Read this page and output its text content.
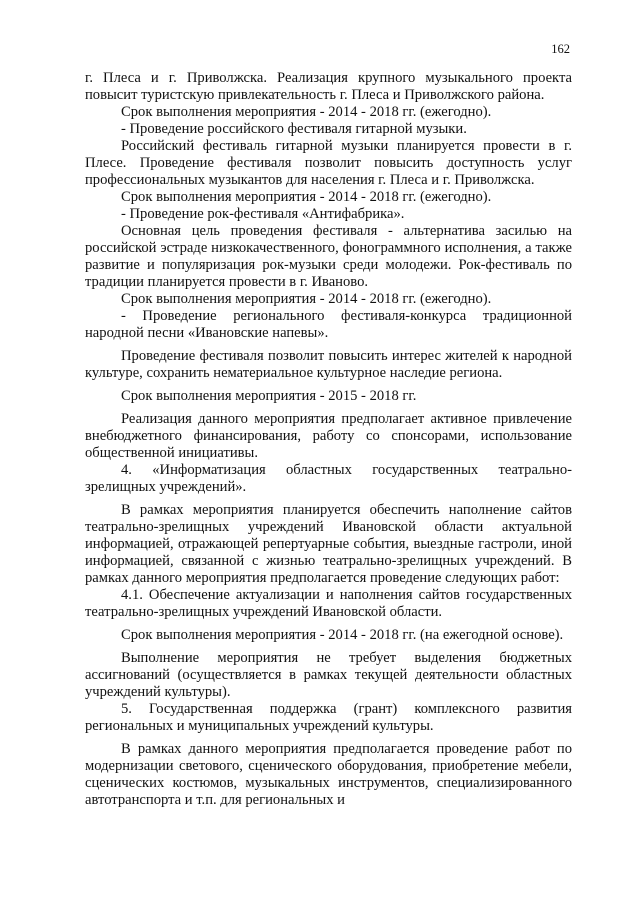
162

г. Плеса и г. Приволжска. Реализация крупного музыкального проекта повысит туристскую привлекательность г. Плеса и Приволжского района.

Срок выполнения мероприятия - 2014 - 2018 гг. (ежегодно).

- Проведение российского фестиваля гитарной музыки.

Российский фестиваль гитарной музыки планируется провести в г. Плесе. Проведение фестиваля позволит повысить доступность услуг профессиональных музыкантов для населения г. Плеса и г. Приволжска.

Срок выполнения мероприятия - 2014 - 2018 гг. (ежегодно).

- Проведение рок-фестиваля «Антифабрика».

Основная цель проведения фестиваля - альтернатива засилью на российской эстраде низкокачественного, фонограммного исполнения, а также развитие и популяризация рок-музыки среди молодежи. Рок-фестиваль по традиции планируется провести в г. Иваново.

Срок выполнения мероприятия - 2014 - 2018 гг. (ежегодно).

- Проведение регионального фестиваля-конкурса традиционной народной песни «Ивановские напевы».

Проведение фестиваля позволит повысить интерес жителей к народной культуре, сохранить нематериальное культурное наследие региона.

Срок выполнения мероприятия - 2015 - 2018 гг.

Реализация данного мероприятия предполагает активное привлечение внебюджетного финансирования, работу со спонсорами, использование общественной инициативы.

4. «Информатизация областных государственных театрально-зрелищных учреждений».

В рамках мероприятия планируется обеспечить наполнение сайтов театрально-зрелищных учреждений Ивановской области актуальной информацией, отражающей репертуарные события, выездные гастроли, иной информацией, связанной с жизнью театрально-зрелищных учреждений. В рамках данного мероприятия предполагается проведение следующих работ:

4.1. Обеспечение актуализации и наполнения сайтов государственных театрально-зрелищных учреждений Ивановской области.

Срок выполнения мероприятия - 2014 - 2018 гг. (на ежегодной основе).

Выполнение мероприятия не требует выделения бюджетных ассигнований (осуществляется в рамках текущей деятельности областных учреждений культуры).

5. Государственная поддержка (грант) комплексного развития региональных и муниципальных учреждений культуры.

В рамках данного мероприятия предполагается проведение работ по модернизации светового, сценического оборудования, приобретение мебели, сценических костюмов, музыкальных инструментов, специализированного автотранспорта и т.п. для региональных и
